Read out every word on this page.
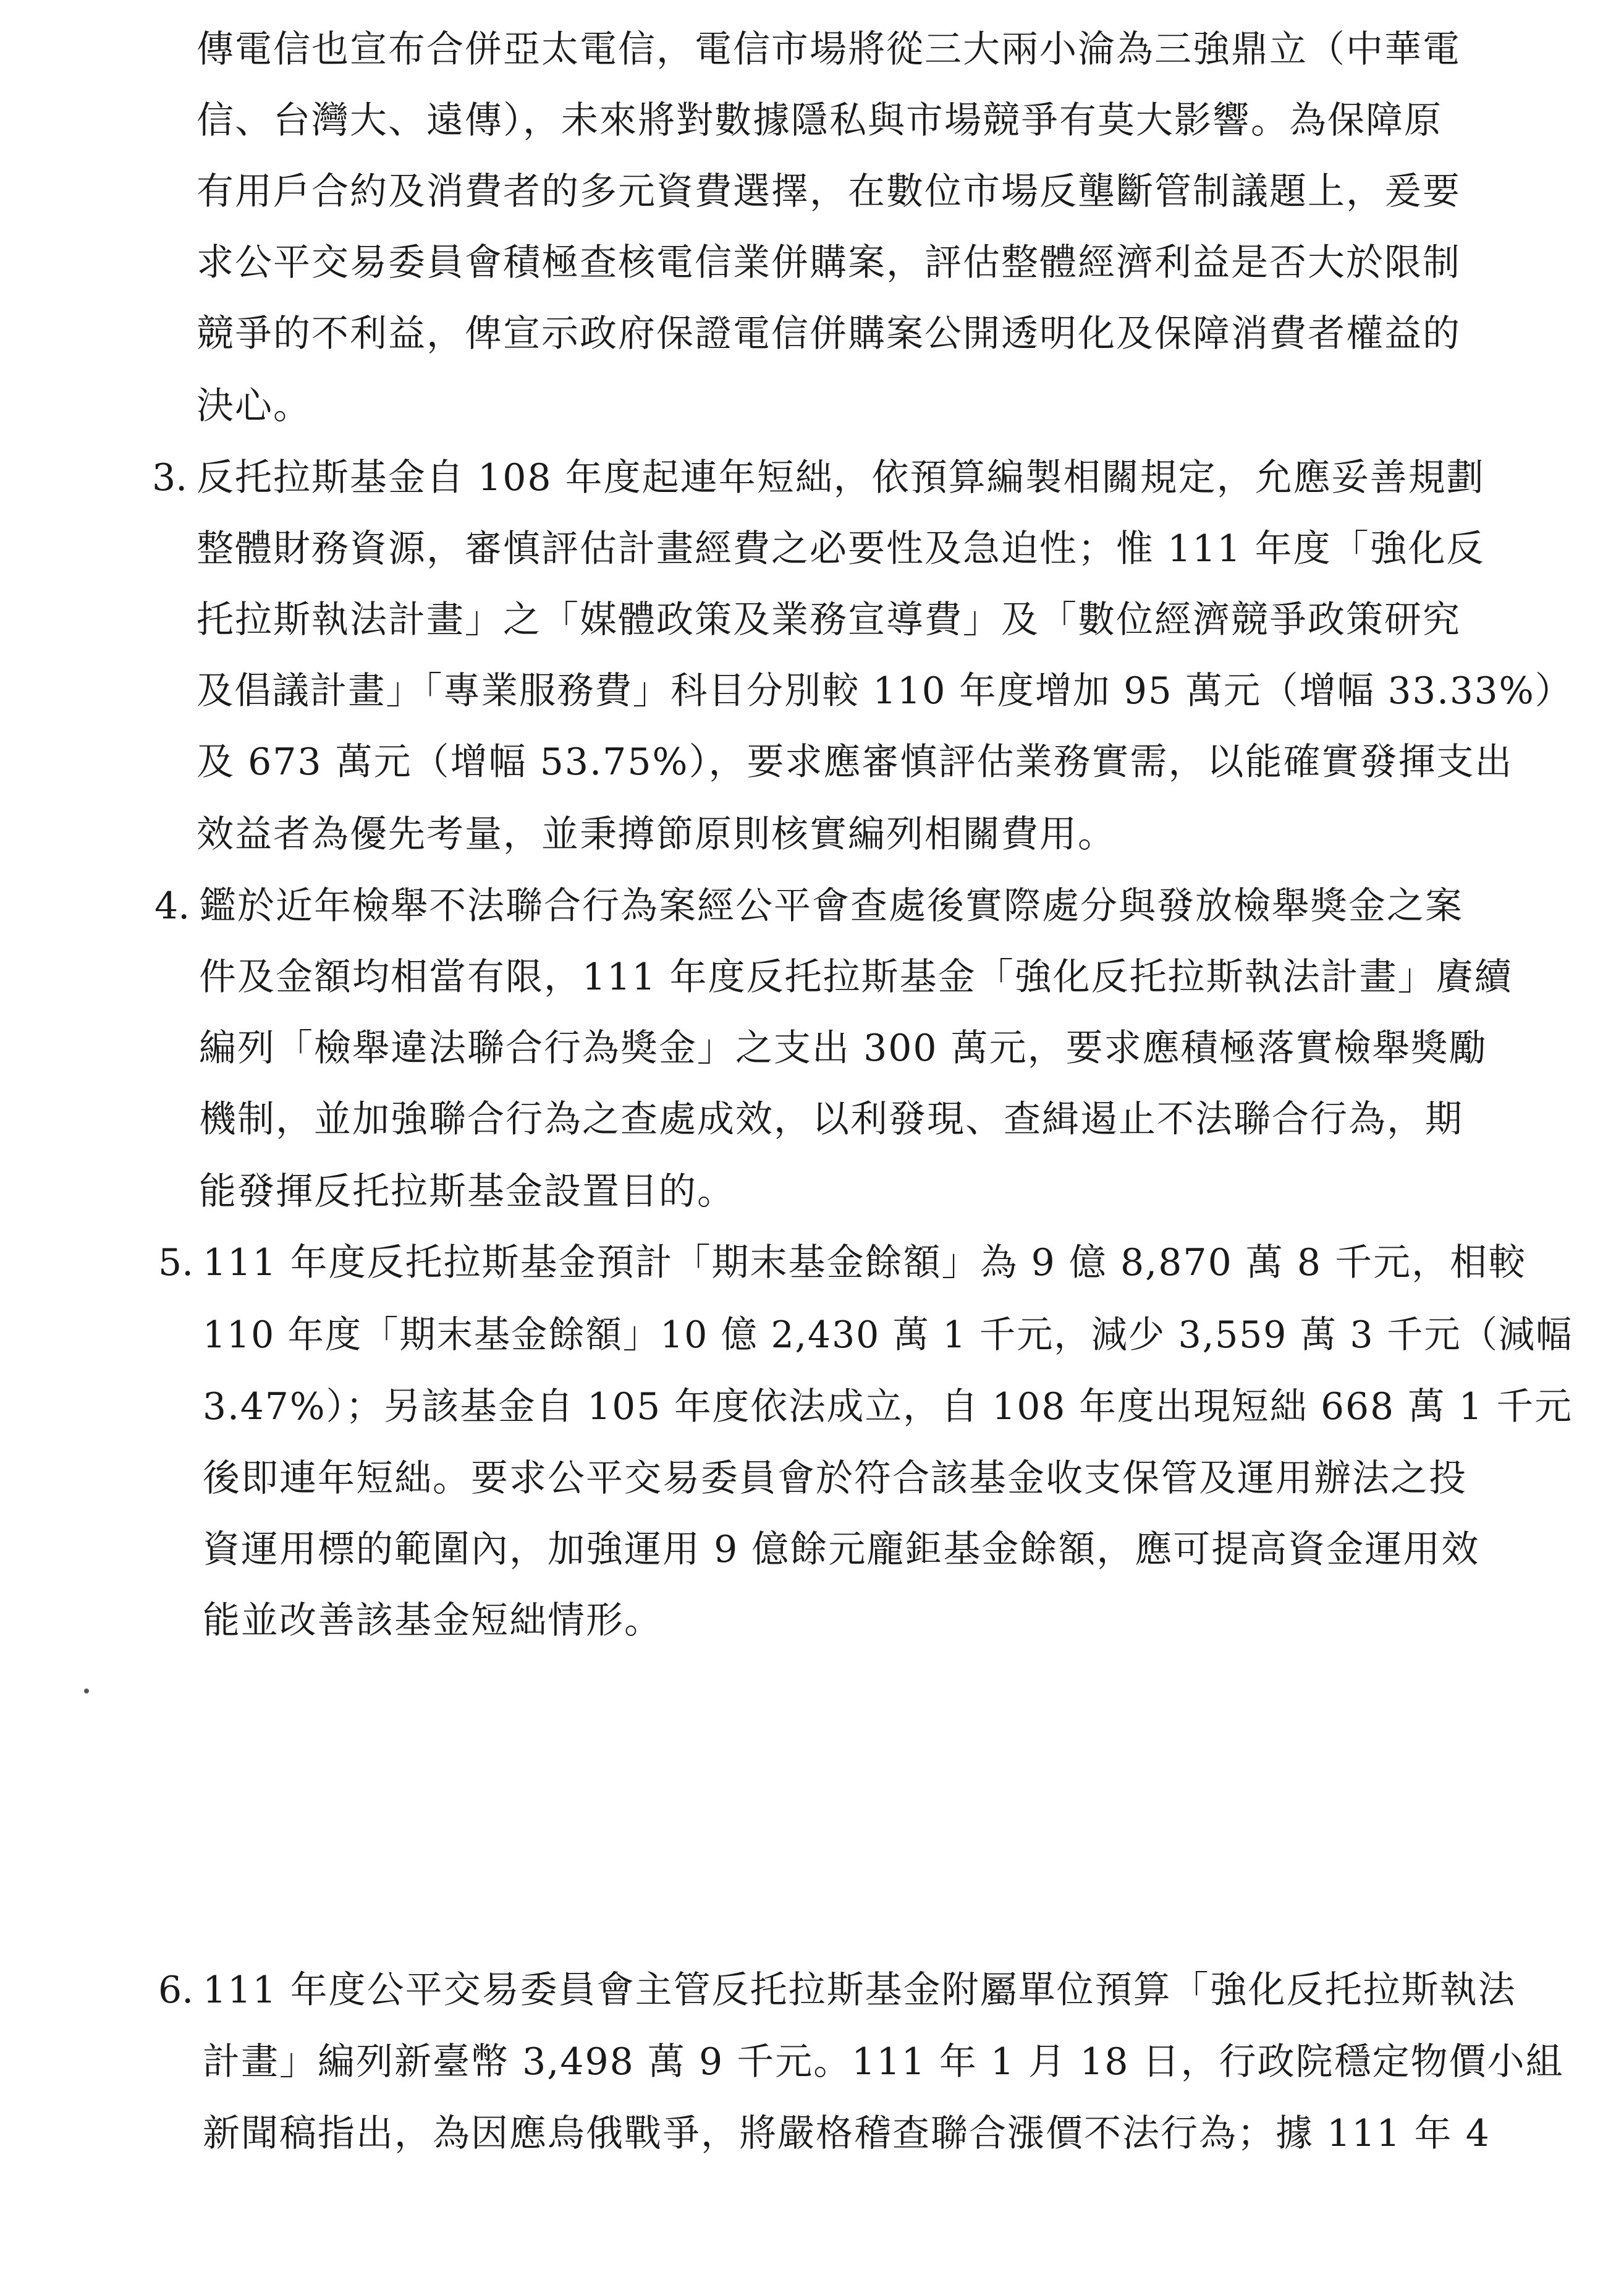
傳電信也宣布合併亞太電信，電信市場將從三大兩小淪為三強鼎立（中華電
信、台灣大、遠傳），未來將對數據隱私與市場競爭有莫大影響。為保障原
有用戶合約及消費者的多元資費選擇，在數位市場反壟斷管制議題上，爰要
求公平交易委員會積極查核電信業併購案，評估整體經濟利益是否大於限制
競爭的不利益，俾宣示政府保證電信併購案公開透明化及保障消費者權益的
決心。
3. 反托拉斯基金自 108 年度起連年短絀，依預算編製相關規定，允應妥善規劃
整體財務資源，審慎評估計畫經費之必要性及急迫性；惟 111 年度「強化反
托拉斯執法計畫」之「媒體政策及業務宣導費」及「數位經濟競爭政策研究
及倡議計畫」「專業服務費」科目分別較 110 年度增加 95 萬元（增幅 33.33%）
及 673 萬元（增幅 53.75%），要求應審慎評估業務實需，以能確實發揮支出
效益者為優先考量，並秉撙節原則核實編列相關費用。
4. 鑑於近年檢舉不法聯合行為案經公平會查處後實際處分與發放檢舉獎金之案
件及金額均相當有限，111 年度反托拉斯基金「強化反托拉斯執法計畫」賡續
編列「檢舉違法聯合行為獎金」之支出 300 萬元，要求應積極落實檢舉獎勵
機制，並加強聯合行為之查處成效，以利發現、查緝遏止不法聯合行為，期
能發揮反托拉斯基金設置目的。
5. 111 年度反托拉斯基金預計「期末基金餘額」為 9 億 8,870 萬 8 千元，相較
110 年度「期末基金餘額」10 億 2,430 萬 1 千元，減少 3,559 萬 3 千元（減幅
3.47%）；另該基金自 105 年度依法成立，自 108 年度出現短絀 668 萬 1 千元
後即連年短絀。要求公平交易委員會於符合該基金收支保管及運用辦法之投
資運用標的範圍內，加強運用 9 億餘元龐鉅基金餘額，應可提高資金運用效
能並改善該基金短絀情形。
6. 111 年度公平交易委員會主管反托拉斯基金附屬單位預算「強化反托拉斯執法
計畫」編列新臺幣 3,498 萬 9 千元。111 年 1 月 18 日，行政院穩定物價小組
新聞稿指出，為因應烏俄戰爭，將嚴格稽查聯合漲價不法行為；據 111 年 4
